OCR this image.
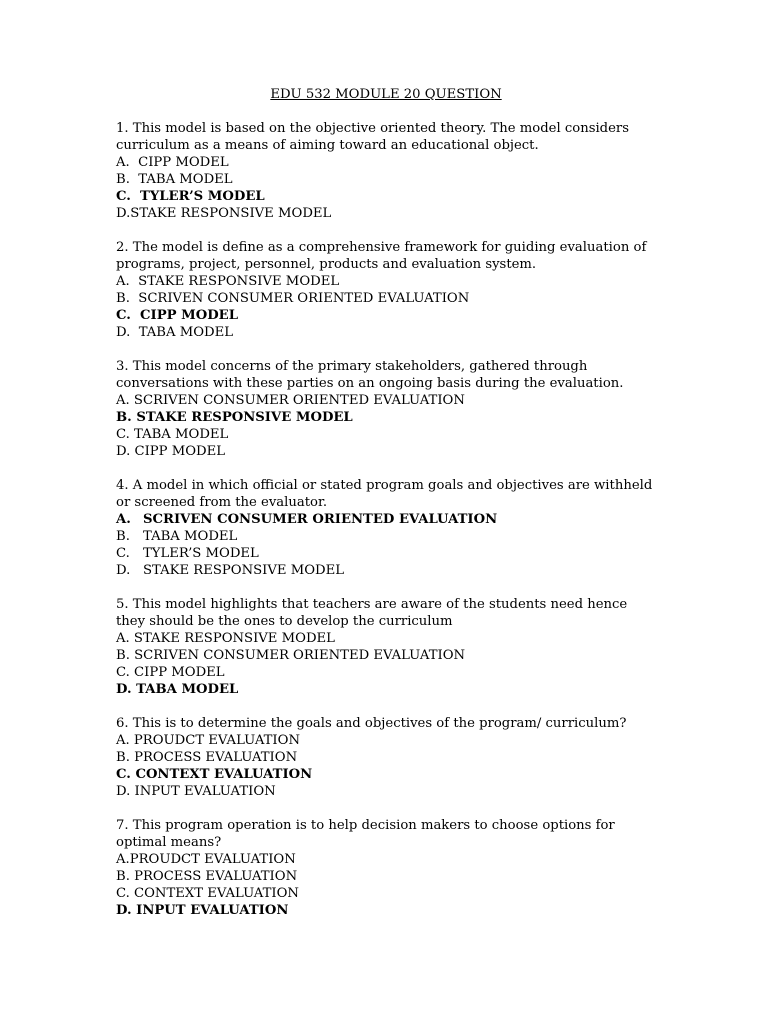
EDU 532 MODULE 20 QUESTION

1. This model is based on the objective oriented theory. The model considers curriculum as a means of aiming toward an educational object.

A.  CIPP MODEL
B.  TABA MODEL
C.  TYLER’S MODEL
D.STAKE RESPONSIVE MODEL

2. The model is define as a comprehensive framework for guiding evaluation of programs, project, personnel, products and evaluation system.

A.  STAKE RESPONSIVE MODEL
B.  SCRIVEN CONSUMER ORIENTED EVALUATION
C.  CIPP MODEL
D.  TABA MODEL

3. This model concerns of the primary stakeholders, gathered through conversations with these parties on an ongoing basis during the evaluation.

A. SCRIVEN CONSUMER ORIENTED EVALUATION
B. STAKE RESPONSIVE MODEL
C. TABA MODEL
D. CIPP MODEL

4. A model in which official or stated program goals and objectives are withheld or screened from the evaluator.

A. SCRIVEN CONSUMER ORIENTED EVALUATION
B. TABA MODEL
C. TYLER’S MODEL
D. STAKE RESPONSIVE MODEL

5. This model highlights that teachers are aware of the students need hence they should be the ones to develop the curriculum

A. STAKE RESPONSIVE MODEL
B. SCRIVEN CONSUMER ORIENTED EVALUATION
C. CIPP MODEL
D. TABA MODEL

6. This is to determine the goals and objectives of the program/ curriculum?

A. PROUDCT EVALUATION
B. PROCESS EVALUATION
C. CONTEXT EVALUATION
D. INPUT EVALUATION

7. This program operation is to help decision makers to choose options for optimal means?

A.PROUDCT EVALUATION
B. PROCESS EVALUATION
C. CONTEXT EVALUATION
D. INPUT EVALUATION
